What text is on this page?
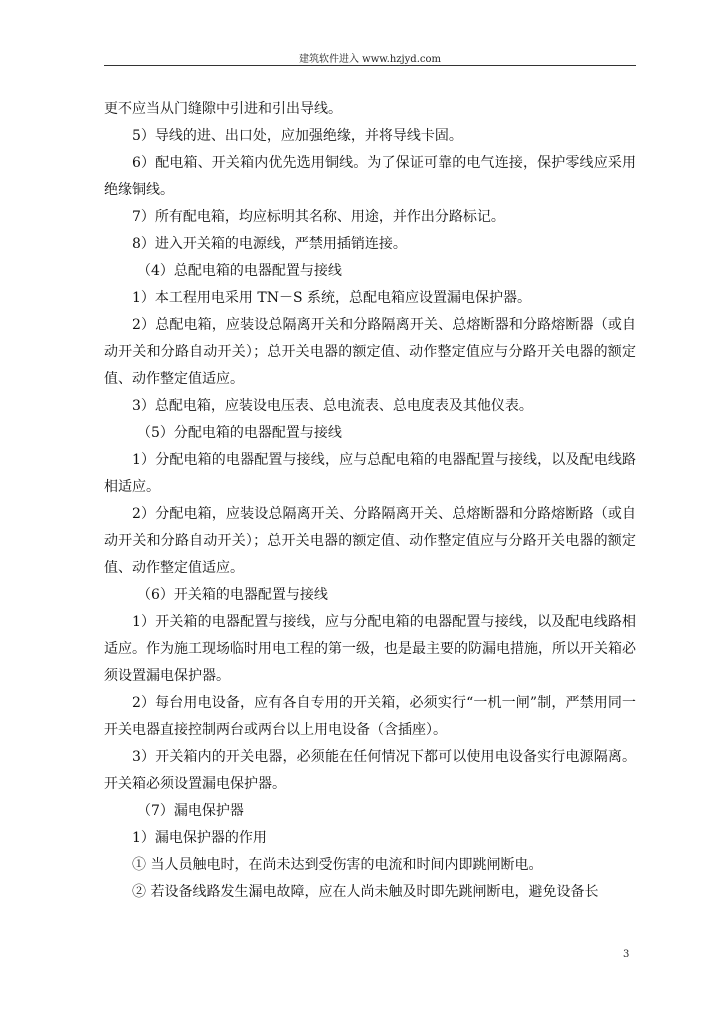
建筑软件进入 www.hzjyd.com

更不应当从门缝隙中引进和引出导线。

5）导线的进、出口处，应加强绝缘，并将导线卡固。

6）配电箱、开关箱内优先选用铜线。为了保证可靠的电气连接，保护零线应采用绝缘铜线。

7）所有配电箱，均应标明其名称、用途，并作出分路标记。

8）进入开关箱的电源线，严禁用插销连接。

（4）总配电箱的电器配置与接线

1）本工程用电采用 TN－S 系统，总配电箱应设置漏电保护器。

2）总配电箱，应装设总隔离开关和分路隔离开关、总熔断器和分路熔断器（或自动开关和分路自动开关）；总开关电器的额定值、动作整定值应与分路开关电器的额定值、动作整定值适应。

3）总配电箱，应装设电压表、总电流表、总电度表及其他仪表。

（5）分配电箱的电器配置与接线

1）分配电箱的电器配置与接线，应与总配电箱的电器配置与接线，以及配电线路相适应。

2）分配电箱，应装设总隔离开关、分路隔离开关、总熔断器和分路熔断路（或自动开关和分路自动开关）；总开关电器的额定值、动作整定值应与分路开关电器的额定值、动作整定值适应。

（6）开关箱的电器配置与接线

1）开关箱的电器配置与接线，应与分配电箱的电器配置与接线，以及配电线路相适应。作为施工现场临时用电工程的第一级，也是最主要的防漏电措施，所以开关箱必须设置漏电保护器。

2）每台用电设备，应有各自专用的开关箱，必须实行“一机一闸”制，严禁用同一开关电器直接控制两台或两台以上用电设备（含插座）。

3）开关箱内的开关电器，必须能在任何情况下都可以使用电设备实行电源隔离。开关箱必须设置漏电保护器。

（7）漏电保护器

1）漏电保护器的作用

① 当人员触电时，在尚未达到受伤害的电流和时间内即跳闸断电。

② 若设备线路发生漏电故障，应在人尚未触及时即先跳闸断电，避免设备长

3
